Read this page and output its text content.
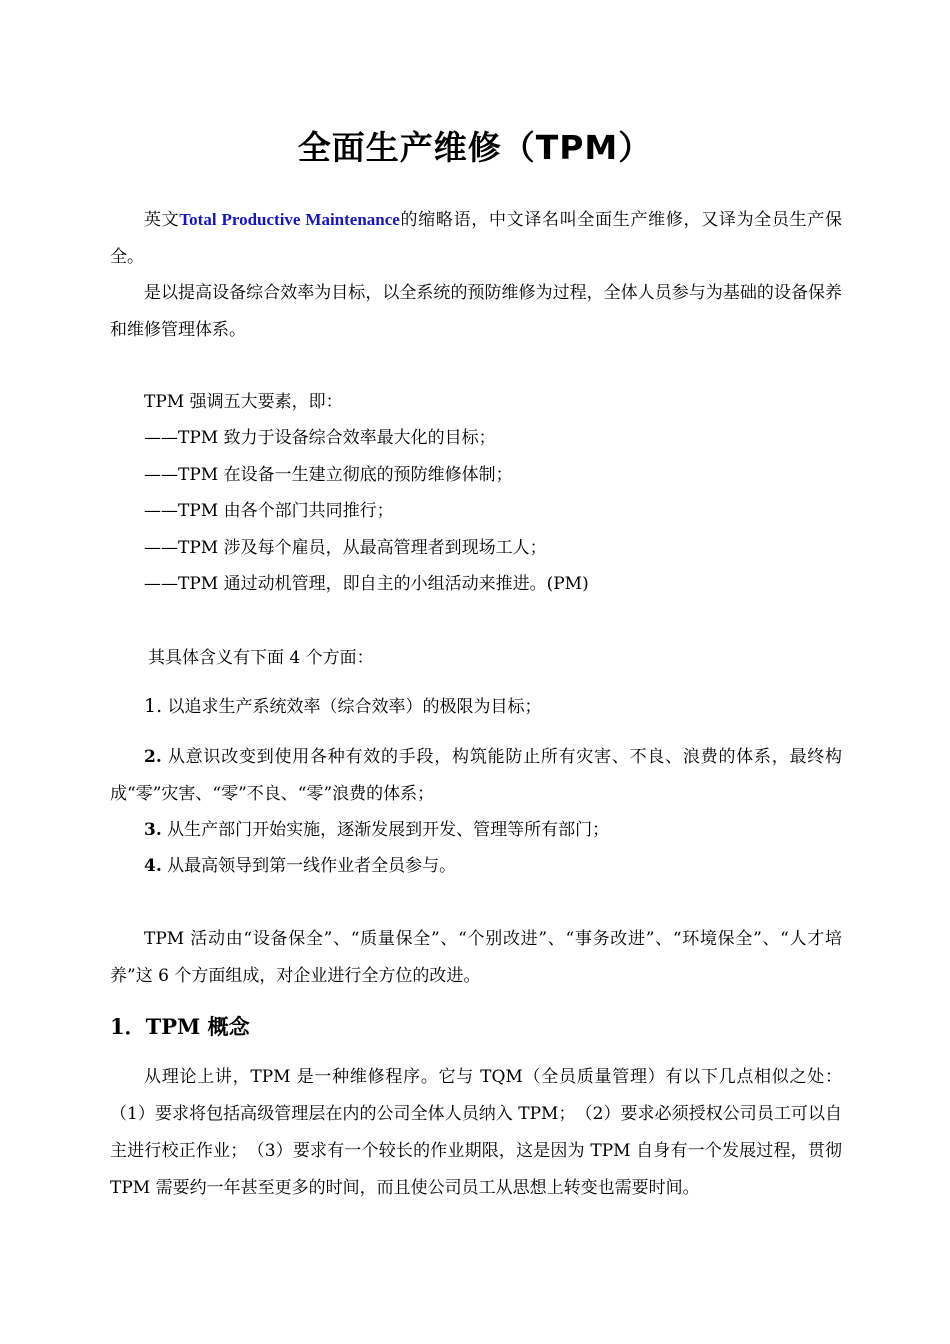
全面生产维修（TPM）

英文Total Productive Maintenance的缩略语，中文译名叫全面生产维修，又译为全员生产保全。

是以提高设备综合效率为目标，以全系统的预防维修为过程，全体人员参与为基础的设备保养和维修管理体系。

TPM 强调五大要素，即：

——TPM 致力于设备综合效率最大化的目标；

——TPM 在设备一生建立彻底的预防维修体制；

——TPM 由各个部门共同推行；

——TPM 涉及每个雇员，从最高管理者到现场工人；

——TPM 通过动机管理，即自主的小组活动来推进。(PM)

其具体含义有下面 4 个方面：

1. 以追求生产系统效率（综合效率）的极限为目标；

2. 从意识改变到使用各种有效的手段，构筑能防止所有灾害、不良、浪费的体系，最终构成“零”灾害、“零”不良、“零”浪费的体系；

3. 从生产部门开始实施，逐渐发展到开发、管理等所有部门；

4. 从最高领导到第一线作业者全员参与。

TPM 活动由“设备保全”、“质量保全”、“个别改进”、“事务改进”、“环境保全”、“人才培养”这 6 个方面组成，对企业进行全方位的改进。

1．TPM 概念

从理论上讲，TPM 是一种维修程序。它与 TQM（全员质量管理）有以下几点相似之处：（1）要求将包括高级管理层在内的公司全体人员纳入 TPM；　（2）要求必须授权公司员工可以自主进行校正作业；　（3）要求有一个较长的作业期限，这是因为 TPM 自身有一个发展过程，贯彻 TPM 需要约一年甚至更多的时间，而且使公司员工从思想上转变也需要时间。
